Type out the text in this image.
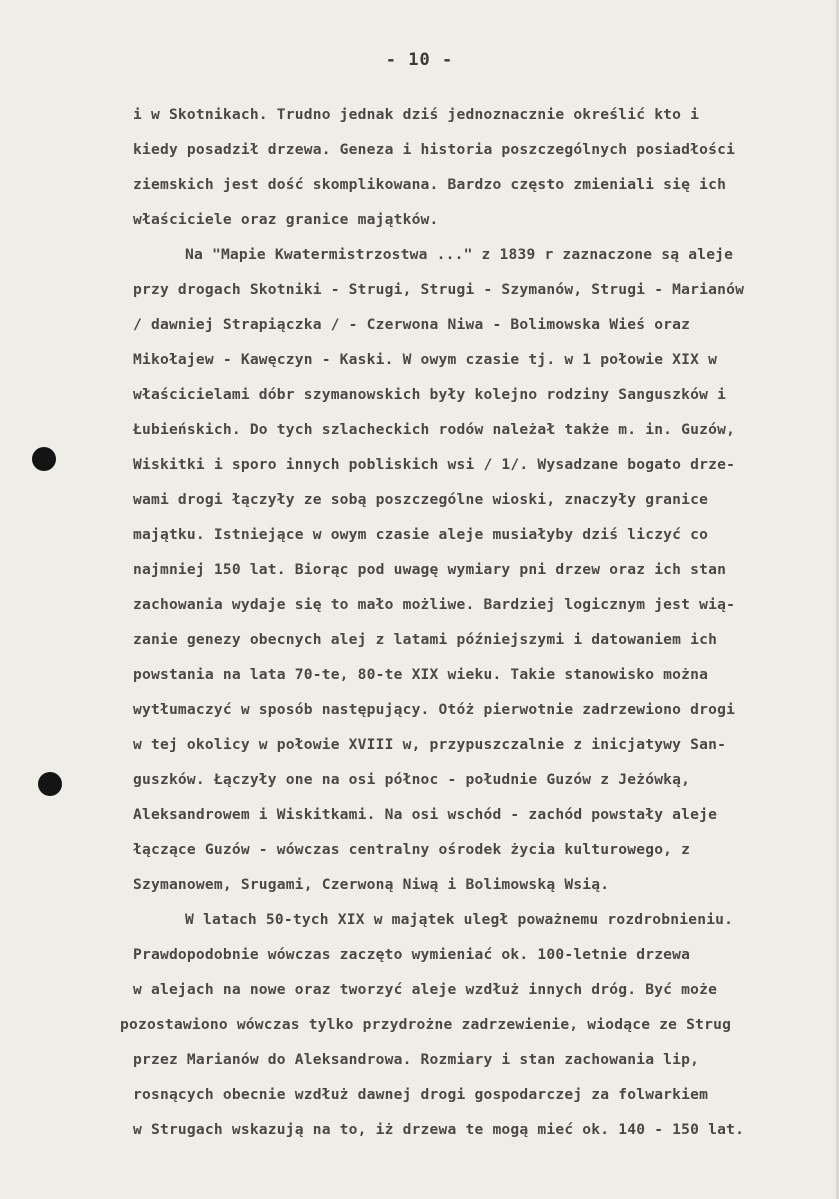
- 10 -
i w Skotnikach. Trudno jednak dziś jednoznacznie określić kto i
kiedy posadził drzewa. Geneza i historia poszczególnych posiadłości
ziemskich jest dość skomplikowana. Bardzo często zmieniali się ich
właściciele oraz granice majątków.
Na "Mapie Kwatermistrzostwa ..." z 1839 r zaznaczone są aleje
przy drogach Skotniki - Strugi, Strugi - Szymanów, Strugi - Marianów
/ dawniej Strapiączka / - Czerwona Niwa - Bolimowska Wieś oraz
Mikołajew - Kawęczyn - Kaski. W owym czasie tj. w 1 połowie XIX w
właścicielami dóbr szymanowskich były kolejno rodziny Sanguszków i
Łubieńskich. Do tych szlacheckich rodów należał także m. in. Guzów,
Wiskitki i sporo innych pobliskich wsi / 1/. Wysadzane bogato drze-
wami drogi łączyły ze sobą poszczególne wioski, znaczyły granice
majątku. Istniejące w owym czasie aleje musiałyby dziś liczyć co
najmniej 150 lat. Biorąc pod uwagę wymiary pni drzew oraz ich stan
zachowania wydaje się to mało możliwe. Bardziej logicznym jest wią-
zanie genezy obecnych alej z latami późniejszymi i datowaniem ich
powstania na lata 70-te, 80-te XIX wieku. Takie stanowisko można
wytłumaczyć w sposób następujący. Otóż pierwotnie zadrzewiono drogi
w tej okolicy w połowie XVIII w, przypuszczalnie z inicjatywy San-
guszków. Łączyły one na osi północ - południe Guzów z Jeżówką,
Aleksandrowem i Wiskitkami. Na osi wschód - zachód powstały aleje
łączące Guzów - wówczas centralny ośrodek życia kulturowego, z
Szymanowem, Srugami, Czerwoną Niwą i Bolimowską Wsią.
W latach 50-tych XIX w majątek uległ poważnemu rozdrobnieniu.
Prawdopodobnie wówczas zaczęto wymieniać ok. 100-letnie drzewa
w alejach na nowe oraz tworzyć aleje wzdłuż innych dróg. Być może
pozostawiono wówczas tylko przydrożne zadrzewienie, wiodące ze Strug
przez Marianów do Aleksandrowa. Rozmiary i stan zachowania lip,
rosnących obecnie wzdłuż dawnej drogi gospodarczej za folwarkiem
w Strugach wskazują na to, iż drzewa te mogą mieć ok. 140 - 150 lat.
